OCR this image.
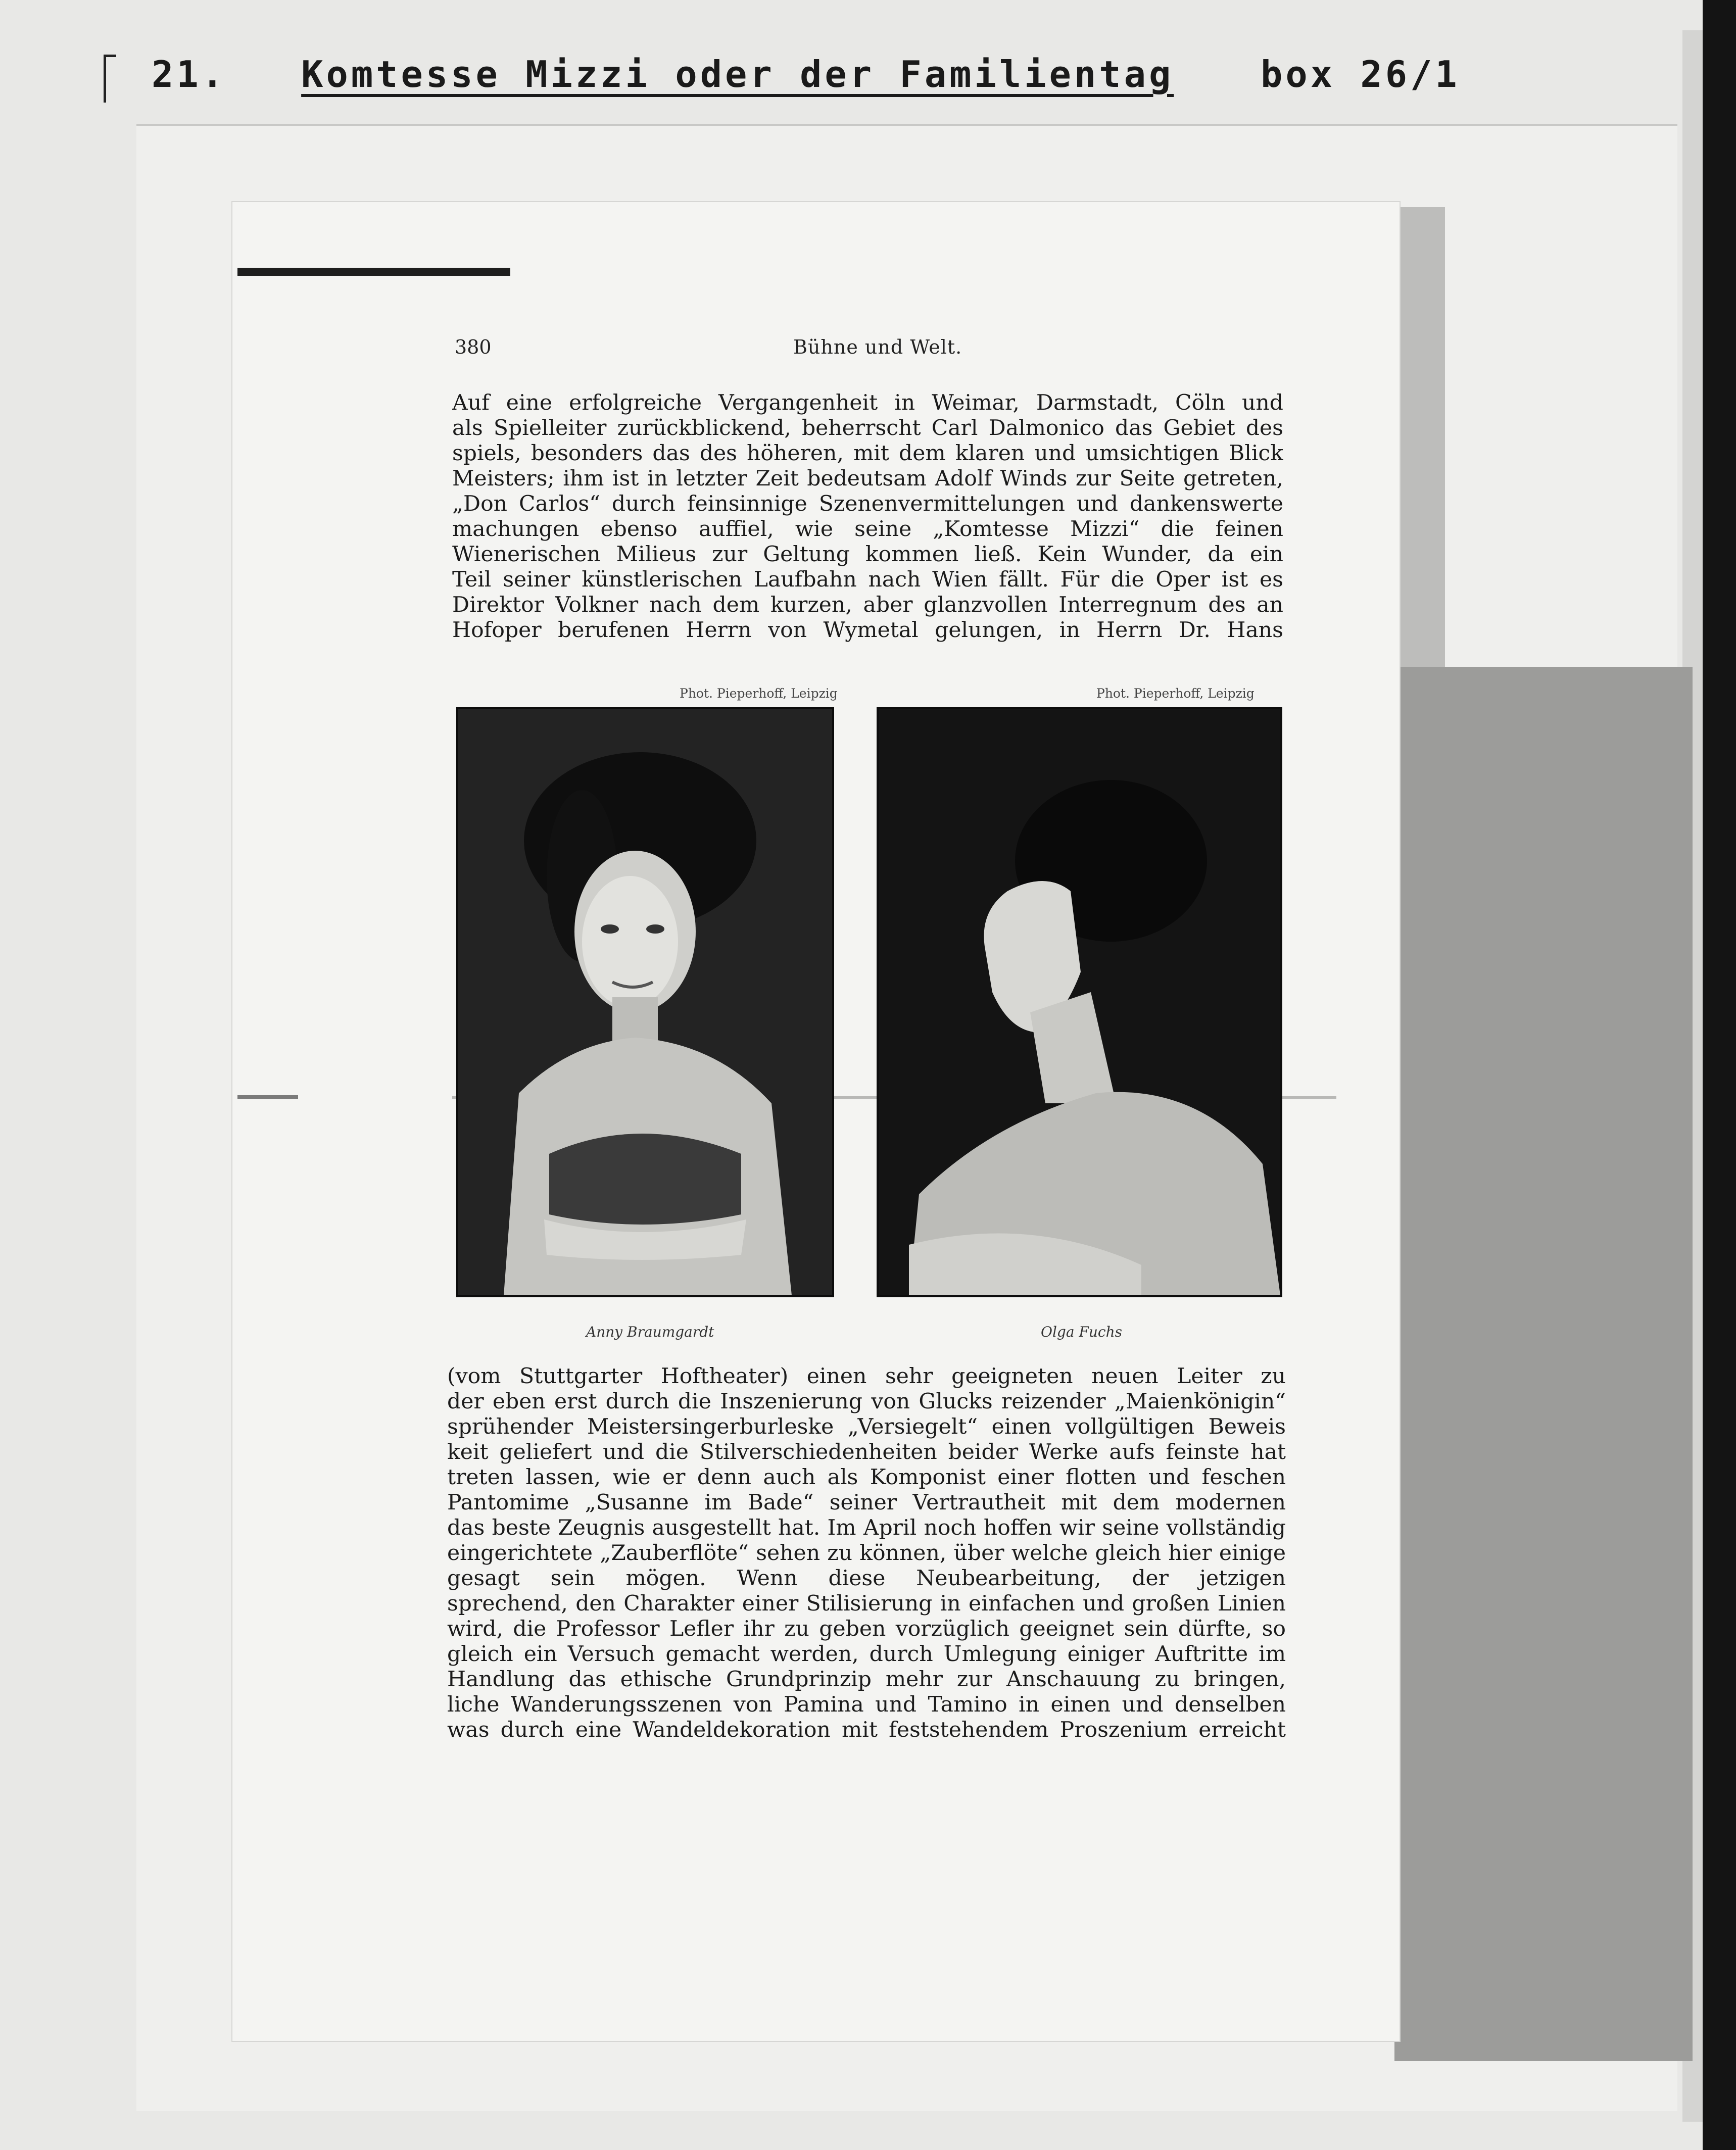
21. Komtesse Mizzi oder der Familientag box 26/1
380	Bühne und Welt.

Auf eine erfolgreiche Vergangenheit in Weimar, Darmstadt, Cöln und

als Spielleiter zurückblickend, beherrscht Carl Dalmonico das Gebiet des

spiels, besonders das des höheren, mit dem klaren und umsichtigen Blick

Meisters; ihm ist in letzter Zeit bedeutsam Adolf Winds zur Seite getreten,

„Don Carlos“ durch feinsinnige Szenenvermittelungen und dankenswerte

machungen ebenso auffiel, wie seine „Komtesse Mizzi“ die feinen

Wienerischen Milieus zur Geltung kommen ließ. Kein Wunder, da ein

Teil seiner künstlerischen Laufbahn nach Wien fällt. Für die Oper ist es

Direktor Volkner nach dem kurzen, aber glanzvollen Interregnum des an

Hofoper berufenen Herrn von Wymetal gelungen, in Herrn Dr. Hans

Phot. Pieperhoff, Leipzig	Phot. Pieperhoff, Leipzig
Anny Braumgardt	Olga Fuchs

(vom Stuttgarter Hoftheater) einen sehr geeigneten neuen Leiter zu

der eben erst durch die Inszenierung von Glucks reizender „Maienkönigin“

sprühender Meistersingerburleske „Versiegelt“ einen vollgültigen Beweis

keit geliefert und die Stilverschiedenheiten beider Werke aufs feinste hat

treten lassen, wie er denn auch als Komponist einer flotten und feschen

Pantomime „Susanne im Bade“ seiner Vertrautheit mit dem modernen

das beste Zeugnis ausgestellt hat. Im April noch hoffen wir seine vollständig

eingerichtete „Zauberflöte“ sehen zu können, über welche gleich hier einige

gesagt sein mögen. Wenn diese Neubearbeitung, der jetzigen

sprechend, den Charakter einer Stilisierung in einfachen und großen Linien

wird, die Professor Lefler ihr zu geben vorzüglich geeignet sein dürfte, so

gleich ein Versuch gemacht werden, durch Umlegung einiger Auftritte im

Handlung das ethische Grundprinzip mehr zur Anschauung zu bringen,

liche Wanderungsszenen von Pamina und Tamino in einen und denselben

was durch eine Wandeldekoration mit feststehendem Proszenium erreicht
